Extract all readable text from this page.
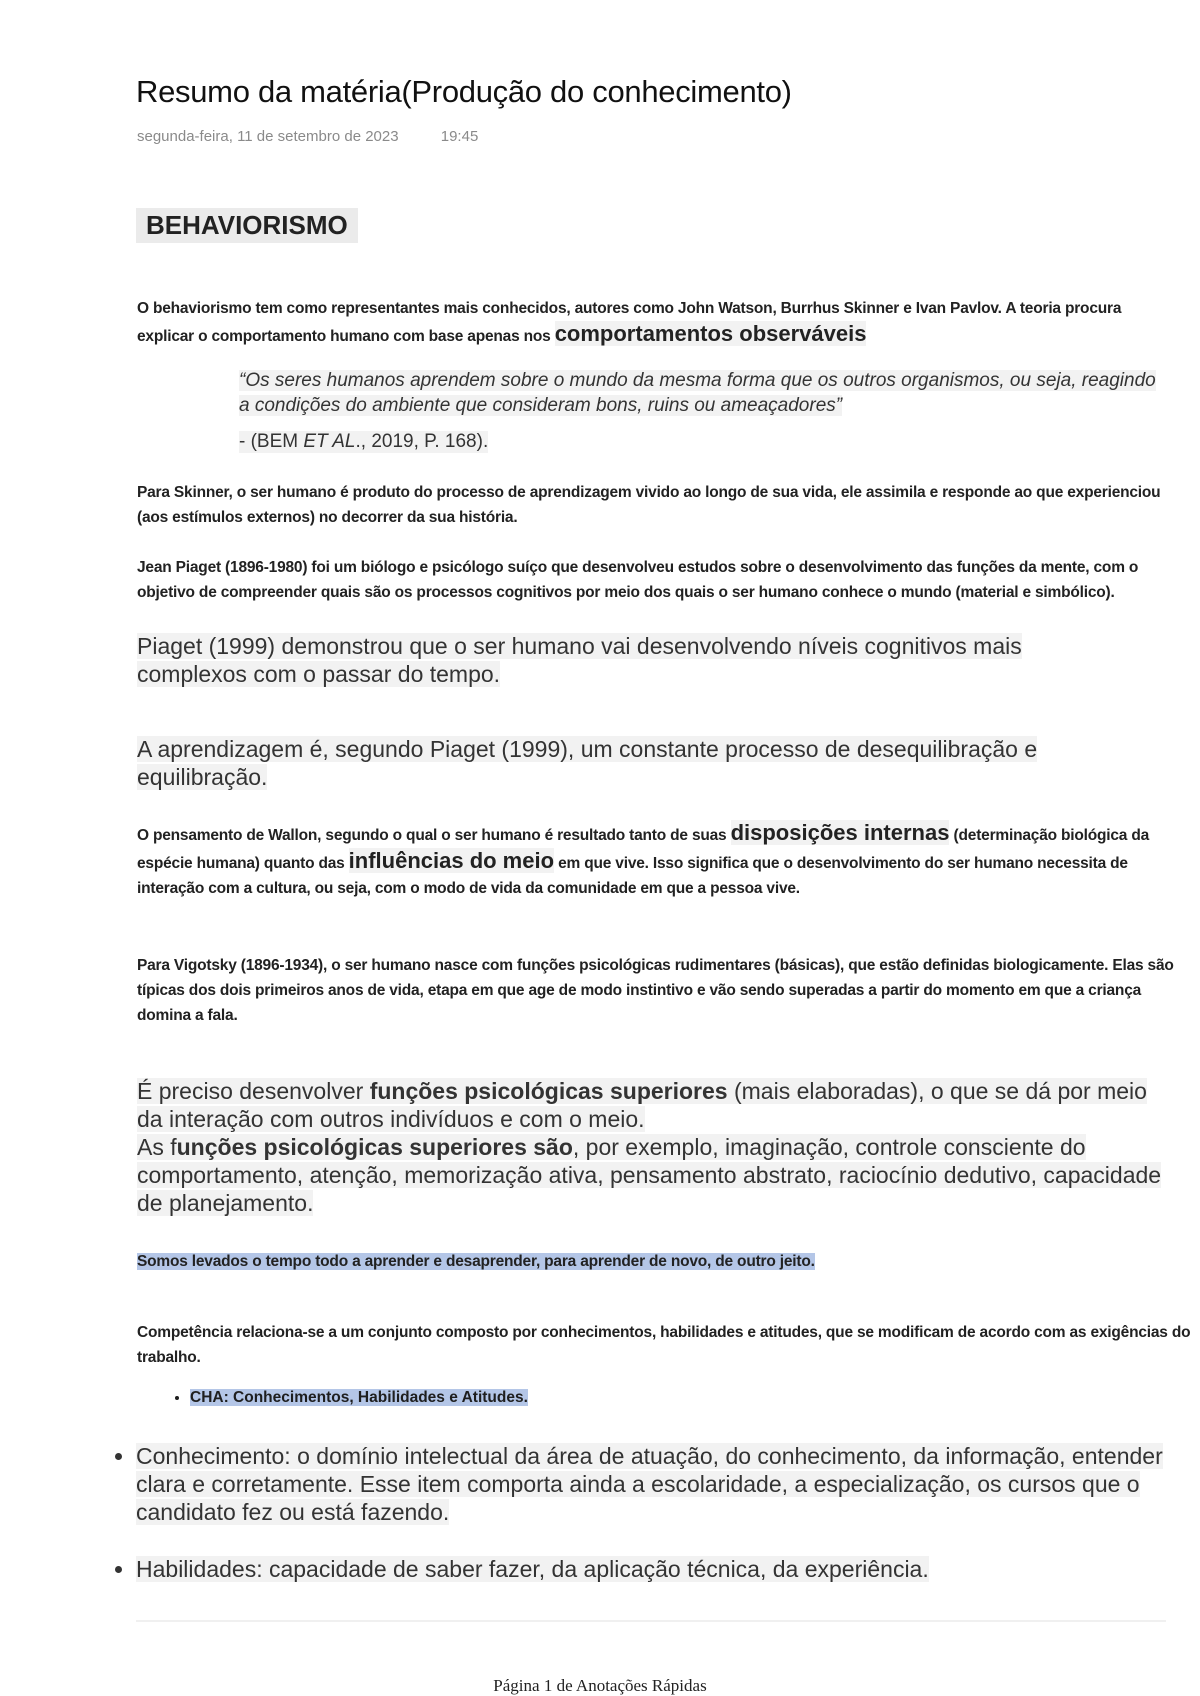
Resumo da matéria(Produção do conhecimento)
segunda-feira, 11 de setembro de 2023	19:45
BEHAVIORISMO
O behaviorismo tem como representantes mais conhecidos, autores como John Watson, Burrhus Skinner e Ivan Pavlov. A teoria procura explicar o comportamento humano com base apenas nos comportamentos observáveis
“Os seres humanos aprendem sobre o mundo da mesma forma que os outros organismos, ou seja, reagindo a condições do ambiente que consideram bons, ruins ou ameaçadores”
- (BEM ET AL., 2019, P. 168).
Para Skinner, o ser humano é produto do processo de aprendizagem vivido ao longo de sua vida, ele assimila e responde ao que experienciou (aos estímulos externos) no decorrer da sua história.
Jean Piaget (1896-1980) foi um biólogo e psicólogo suíço que desenvolveu estudos sobre o desenvolvimento das funções da mente, com o objetivo de compreender quais são os processos cognitivos por meio dos quais o ser humano conhece o mundo (material e simbólico).
Piaget (1999) demonstrou que o ser humano vai desenvolvendo níveis cognitivos mais complexos com o passar do tempo.
A aprendizagem é, segundo Piaget (1999), um constante processo de desequilibração e equilibração.
O pensamento de Wallon, segundo o qual o ser humano é resultado tanto de suas disposições internas (determinação biológica da espécie humana) quanto das influências do meio em que vive. Isso significa que o desenvolvimento do ser humano necessita de interação com a cultura, ou seja, com o modo de vida da comunidade em que a pessoa vive.
Para Vigotsky (1896-1934), o ser humano nasce com funções psicológicas rudimentares (básicas), que estão definidas biologicamente. Elas são típicas dos dois primeiros anos de vida, etapa em que age de modo instintivo e vão sendo superadas a partir do momento em que a criança domina a fala.
É preciso desenvolver funções psicológicas superiores (mais elaboradas), o que se dá por meio da interação com outros indivíduos e com o meio.
As funções psicológicas superiores são, por exemplo, imaginação, controle consciente do comportamento, atenção, memorização ativa, pensamento abstrato, raciocínio dedutivo, capacidade de planejamento.
Somos levados o tempo todo a aprender e desaprender, para aprender de novo, de outro jeito.
Competência relaciona-se a um conjunto composto por conhecimentos, habilidades e atitudes, que se modificam de acordo com as exigências do trabalho.
• CHA: Conhecimentos, Habilidades e Atitudes.
• Conhecimento: o domínio intelectual da área de atuação, do conhecimento, da informação, entender clara e corretamente. Esse item comporta ainda a escolaridade, a especialização, os cursos que o candidato fez ou está fazendo.
• Habilidades: capacidade de saber fazer, da aplicação técnica, da experiência.
Página 1 de Anotações Rápidas
